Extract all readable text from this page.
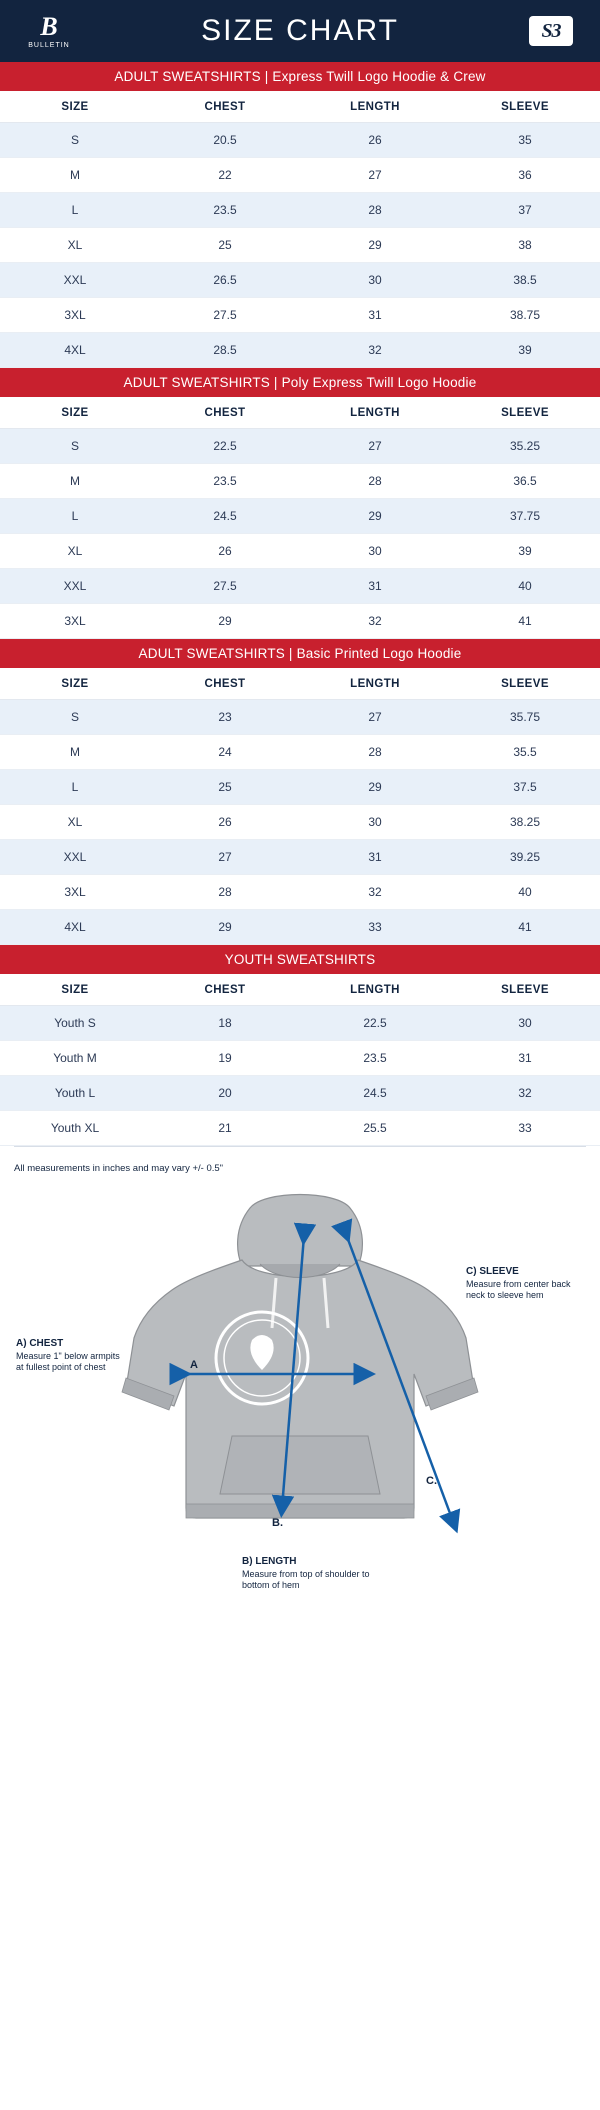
B
BULLETIN	SIZE CHART	S3
ADULT SWEATSHIRTS | Express Twill Logo Hoodie & Crew
SIZE	CHEST	LENGTH	SLEEVE
S	20.5	26	35
M	22	27	36
L	23.5	28	37
XL	25	29	38
XXL	26.5	30	38.5
3XL	27.5	31	38.75
4XL	28.5	32	39
ADULT SWEATSHIRTS | Poly Express Twill Logo Hoodie
SIZE	CHEST	LENGTH	SLEEVE
S	22.5	27	35.25
M	23.5	28	36.5
L	24.5	29	37.75
XL	26	30	39
XXL	27.5	31	40
3XL	29	32	41
ADULT SWEATSHIRTS | Basic Printed Logo Hoodie
SIZE	CHEST	LENGTH	SLEEVE
S	23	27	35.75
M	24	28	35.5
L	25	29	37.5
XL	26	30	38.25
XXL	27	31	39.25
3XL	28	32	40
4XL	29	33	41
YOUTH SWEATSHIRTS
SIZE	CHEST	LENGTH	SLEEVE
Youth S	18	22.5	30
Youth M	19	23.5	31
Youth L	20	24.5	32
Youth XL	21	25.5	33
All measurements in inches and may vary +/- 0.5"
A
B.
C.
A) CHEST
Measure 1" below armpits at fullest point of chest
C) SLEEVE
Measure from center back neck to sleeve hem
B) LENGTH
Measure from top of shoulder to bottom of hem
